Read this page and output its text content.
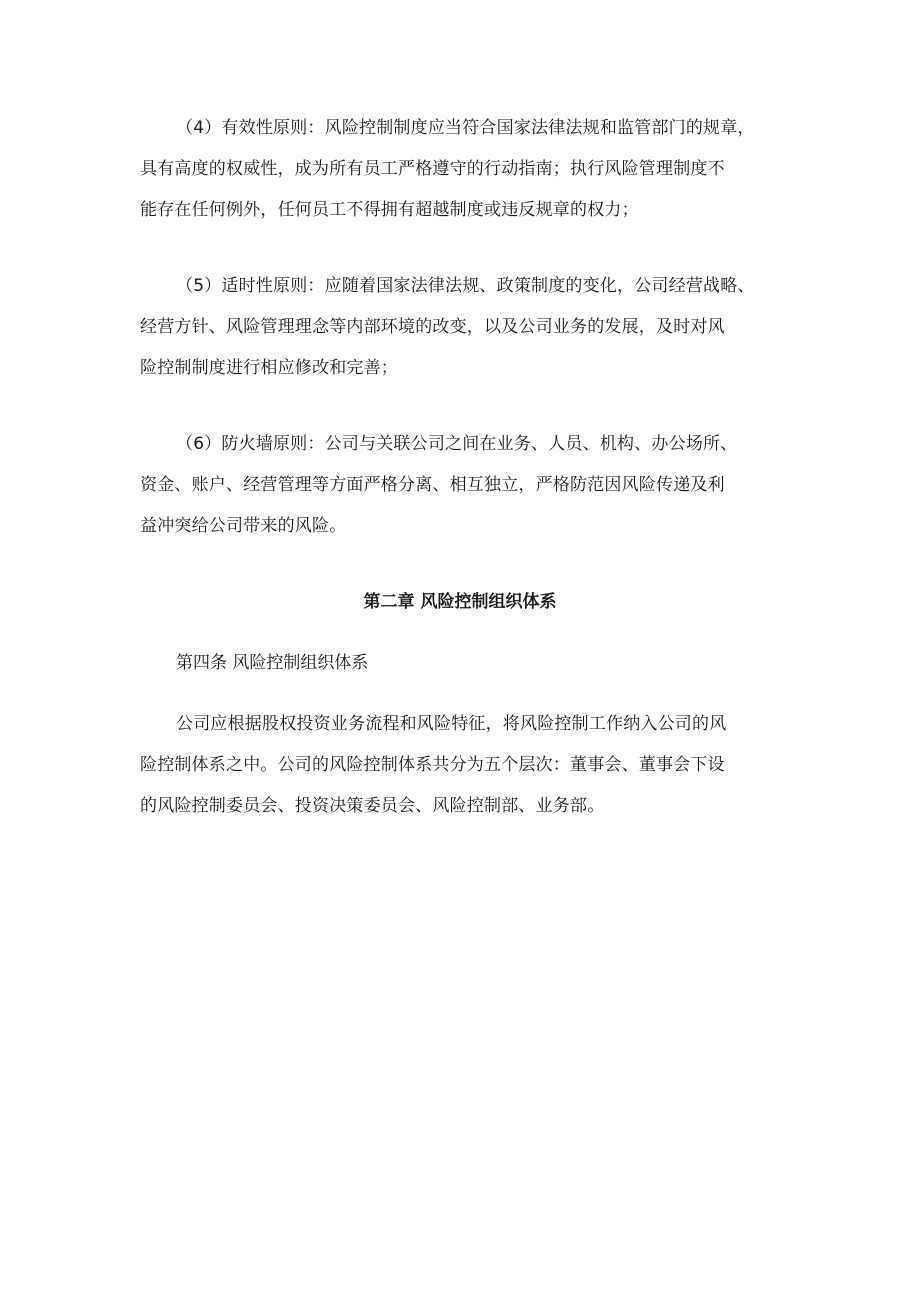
（4）有效性原则：风险控制制度应当符合国家法律法规和监管部门的规章，
具有高度的权威性，成为所有员工严格遵守的行动指南；执行风险管理制度不
能存在任何例外，任何员工不得拥有超越制度或违反规章的权力；
（5）适时性原则：应随着国家法律法规、政策制度的变化，公司经营战略、
经营方针、风险管理理念等内部环境的改变，以及公司业务的发展，及时对风
险控制制度进行相应修改和完善；
（6）防火墙原则：公司与关联公司之间在业务、人员、机构、办公场所、
资金、账户、经营管理等方面严格分离、相互独立，严格防范因风险传递及利
益冲突给公司带来的风险。
第二章 风险控制组织体系
第四条 风险控制组织体系
公司应根据股权投资业务流程和风险特征，将风险控制工作纳入公司的风
险控制体系之中。公司的风险控制体系共分为五个层次：董事会、董事会下设
的风险控制委员会、投资决策委员会、风险控制部、业务部。
